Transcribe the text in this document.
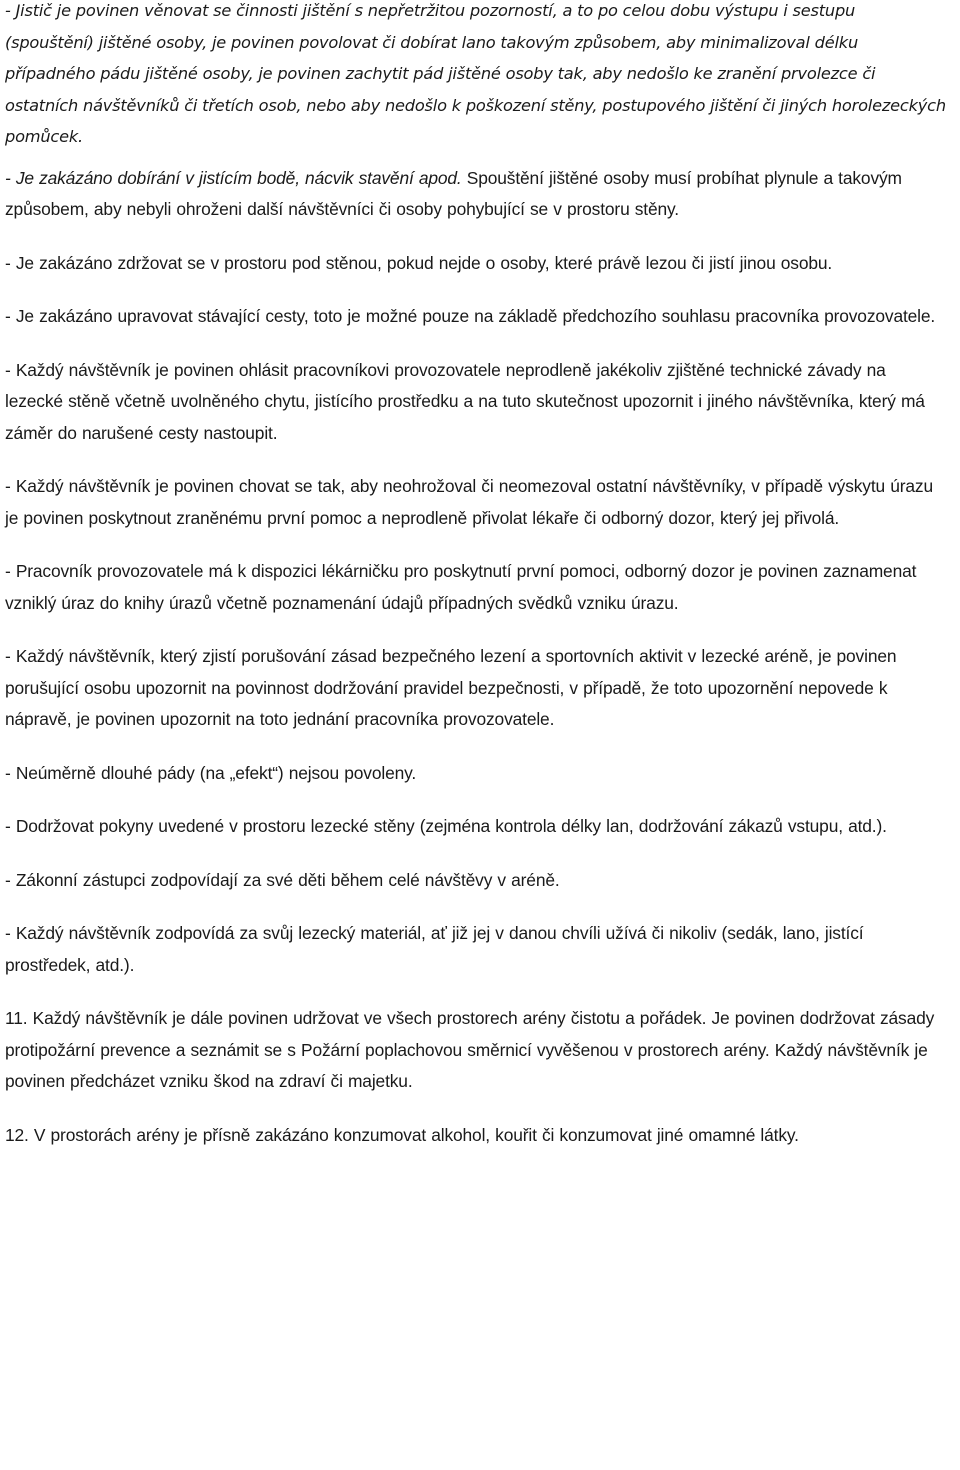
- Jistič je povinen věnovat se činnosti jištění s nepřetržitou pozorností, a to po celou dobu výstupu i sestupu (spouštění) jištěné osoby, je povinen povolovat či dobírat lano takovým způsobem, aby minimalizoval délku případného pádu jištěné osoby, je povinen zachytit pád jištěné osoby tak, aby nedošlo ke zranění prvolezce či ostatních návštěvníků či třetích osob, nebo aby nedošlo k poškození stěny, postupového jištění či jiných horolezeckých pomůcek.

- Je zakázáno dobírání v jistícím bodě, nácvik stavění apod. Spouštění jištěné osoby musí probíhat plynule a takovým způsobem, aby nebyli ohroženi další návštěvníci či osoby pohybující se v prostoru stěny.

- Je zakázáno zdržovat se v prostoru pod stěnou, pokud nejde o osoby, které právě lezou či jistí jinou osobu.

- Je zakázáno upravovat stávající cesty, toto je možné pouze na základě předchozího souhlasu pracovníka provozovatele.

- Každý návštěvník je povinen ohlásit pracovníkovi provozovatele neprodleně jakékoliv zjištěné technické závady na lezecké stěně včetně uvolněného chytu, jistícího prostředku a na tuto skutečnost upozornit i jiného návštěvníka, který má záměr do narušené cesty nastoupit.

- Každý návštěvník je povinen chovat se tak, aby neohrožoval či neomezoval ostatní návštěvníky, v případě výskytu úrazu je povinen poskytnout zraněnému první pomoc a neprodleně přivolat lékaře či odborný dozor, který jej přivolá.

- Pracovník provozovatele má k dispozici lékárničku pro poskytnutí první pomoci, odborný dozor je povinen zaznamenat vzniklý úraz do knihy úrazů včetně poznamenání údajů případných svědků vzniku úrazu.

- Každý návštěvník, který zjistí porušování zásad bezpečného lezení a sportovních aktivit v lezecké aréně, je povinen porušující osobu upozornit na povinnost dodržování pravidel bezpečnosti, v případě, že toto upozornění nepovede k nápravě, je povinen upozornit na toto jednání pracovníka provozovatele.

- Neúměrně dlouhé pády (na „efekt“) nejsou povoleny.

- Dodržovat pokyny uvedené v prostoru lezecké stěny (zejména kontrola délky lan, dodržování zákazů vstupu, atd.).

- Zákonní zástupci zodpovídají za své děti během celé návštěvy v aréně.

- Každý návštěvník zodpovídá za svůj lezecký materiál, ať již jej v danou chvíli užívá či nikoliv (sedák, lano, jistící prostředek, atd.).

11. Každý návštěvník je dále povinen udržovat ve všech prostorech arény čistotu a pořádek. Je povinen dodržovat zásady protipožární prevence a seznámit se s Požární poplachovou směrnicí vyvěšenou v prostorech arény. Každý návštěvník je povinen předcházet vzniku škod na zdraví či majetku.

12. V prostorách arény je přísně zakázáno konzumovat alkohol, kouřit či konzumovat jiné omamné látky.
